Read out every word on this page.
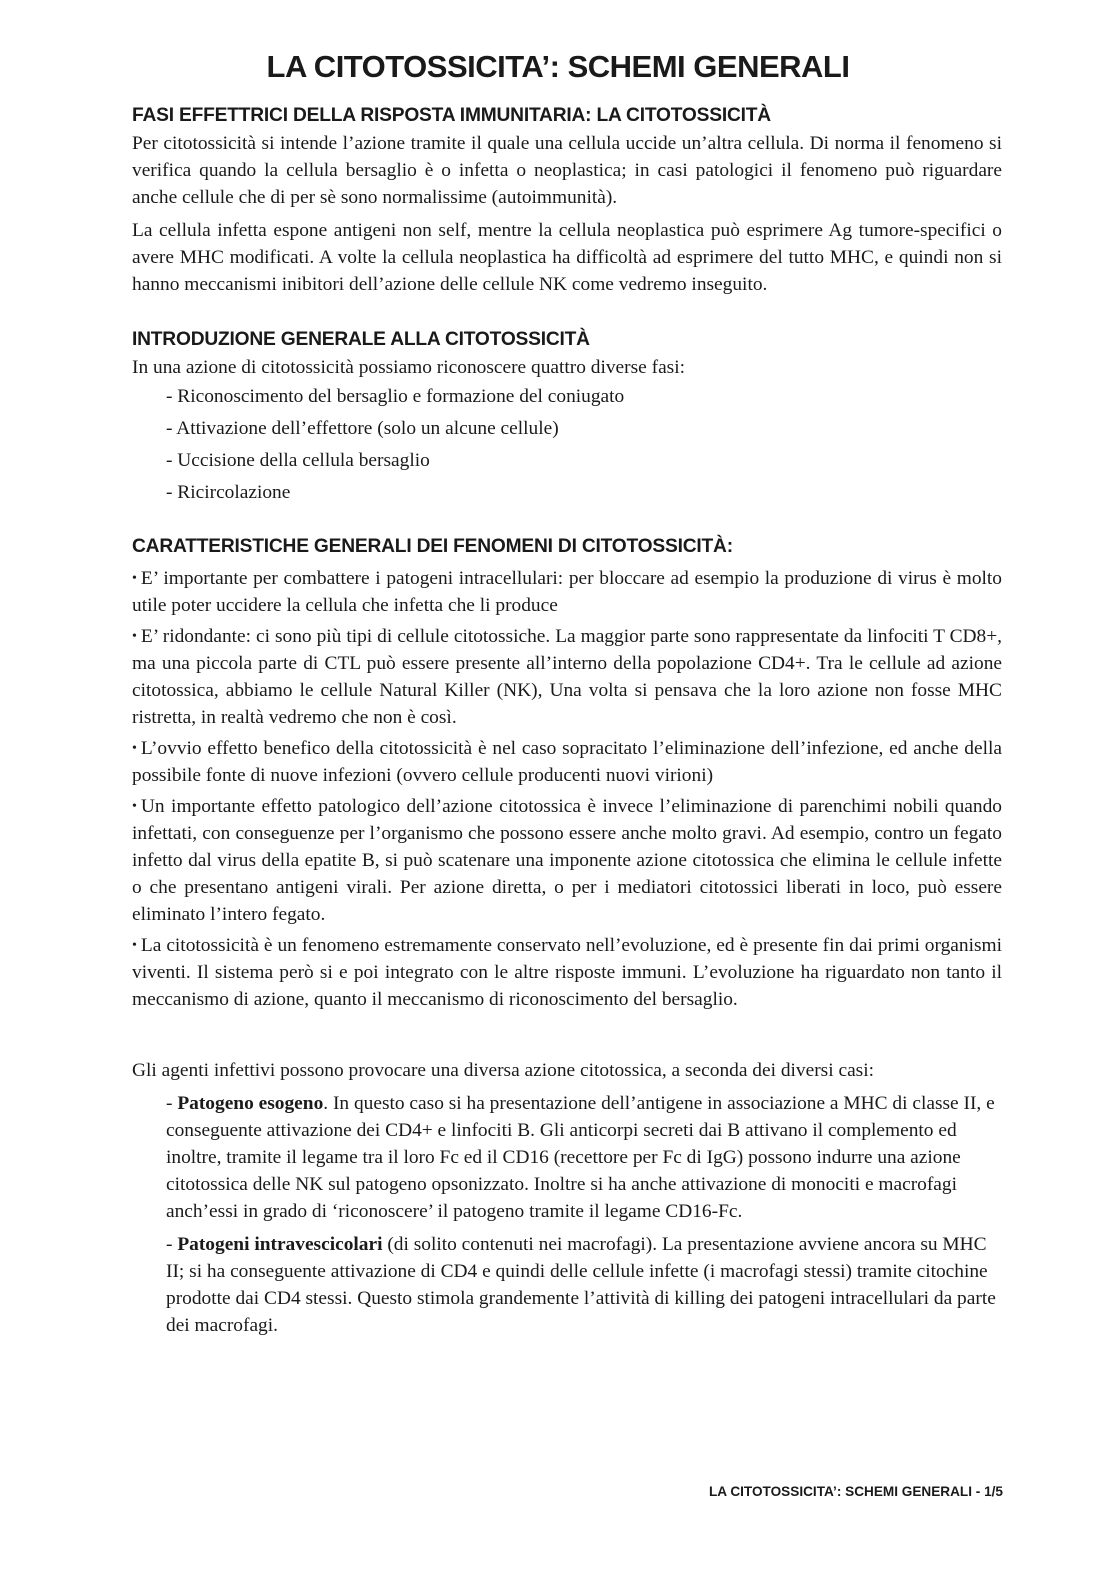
LA CITOTOSSICITA’: SCHEMI GENERALI
FASI EFFETTRICI DELLA RISPOSTA IMMUNITARIA: LA CITOTOSSICITÀ

Per citotossicità si intende l’azione tramite il quale una cellula uccide un’altra cellula. Di norma il fenomeno si verifica quando la cellula bersaglio è o infetta o neoplastica; in casi patologici il fenomeno può riguardare anche cellule che di per sè sono normalissime (autoimmunità).

La cellula infetta espone antigeni non self, mentre la cellula neoplastica può esprimere Ag tumore-specifici o avere MHC modificati. A volte la cellula neoplastica ha difficoltà ad esprimere del tutto MHC, e quindi non si hanno meccanismi inibitori dell’azione delle cellule NK come vedremo inseguito.

INTRODUZIONE GENERALE ALLA CITOTOSSICITÀ

In una azione di citotossicità possiamo riconoscere quattro diverse fasi:

- Riconoscimento del bersaglio e formazione del coniugato
- Attivazione dell’effettore (solo un alcune cellule)
- Uccisione della cellula bersaglio
- Ricircolazione
CARATTERISTICHE GENERALI DEI FENOMENI DI CITOTOSSICITÀ:
• E’ importante per combattere i patogeni intracellulari: per bloccare ad esempio la produzione di virus è molto utile poter uccidere la cellula che infetta che li produce
• E’ ridondante: ci sono più tipi di cellule citotossiche. La maggior parte sono rappresentate da linfociti T CD8+, ma una piccola parte di CTL può essere presente all’interno della popolazione CD4+. Tra le cellule ad azione citotossica, abbiamo le cellule Natural Killer (NK), Una volta si pensava che la loro azione non fosse MHC ristretta, in realtà vedremo che non è così.
• L’ovvio effetto benefico della citotossicità è nel caso sopracitato l’eliminazione dell’infezione, ed anche della possibile fonte di nuove infezioni (ovvero cellule producenti nuovi virioni)
• Un importante effetto patologico dell’azione citotossica è invece l’eliminazione di parenchimi nobili quando infettati, con conseguenze per l’organismo che possono essere anche molto gravi. Ad esempio, contro un fegato infetto dal virus della epatite B, si può scatenare una imponente azione citotossica che elimina le cellule infette o che presentano antigeni virali. Per azione diretta, o per i mediatori citotossici liberati in loco, può essere eliminato l’intero fegato.
• La citotossicità è un fenomeno estremamente conservato nell’evoluzione, ed è presente fin dai primi organismi viventi. Il sistema però si e poi integrato con le altre risposte immuni. L’evoluzione ha riguardato non tanto il meccanismo di azione, quanto il meccanismo di riconoscimento del bersaglio.

Gli agenti infettivi possono provocare una diversa azione citotossica, a seconda dei diversi casi:

- Patogeno esogeno. In questo caso si ha presentazione dell’antigene in associazione a MHC di classe II, e conseguente attivazione dei CD4+ e linfociti B. Gli anticorpi secreti dai B attivano il complemento ed inoltre, tramite il legame tra il loro Fc ed il CD16 (recettore per Fc di IgG) possono indurre una azione citotossica delle NK sul patogeno opsonizzato. Inoltre si ha anche attivazione di monociti e macrofagi anch’essi in grado di ‘riconoscere’ il patogeno tramite il legame CD16-Fc.

- Patogeni intravescicolari (di solito contenuti nei macrofagi). La presentazione avviene ancora su MHC II; si ha conseguente attivazione di CD4 e quindi delle cellule infette (i macrofagi stessi) tramite citochine prodotte dai CD4 stessi. Questo stimola grandemente l’attività di killing dei patogeni intracellulari da parte dei macrofagi.

LA CITOTOSSICITA’: SCHEMI GENERALI - 1/5
